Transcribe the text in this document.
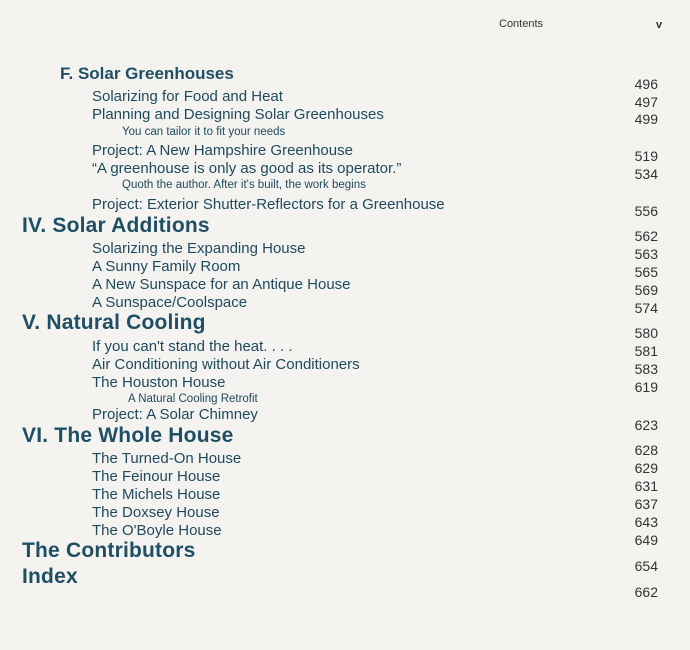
Contents	v
F. Solar Greenhouses
Solarizing for Food and Heat
Planning and Designing Solar Greenhouses
You can tailor it to fit your needs
Project: A New Hampshire Greenhouse
“A greenhouse is only as good as its operator.”
Quoth the author. After it's built, the work begins
Project: Exterior Shutter-Reflectors for a Greenhouse
IV. Solar Additions
Solarizing the Expanding House
A Sunny Family Room
A New Sunspace for an Antique House
A Sunspace/Coolspace
V. Natural Cooling
If you can't stand the heat. . . .
Air Conditioning without Air Conditioners
The Houston House
A Natural Cooling Retrofit
Project: A Solar Chimney
VI. The Whole House
The Turned-On House
The Feinour House
The Michels House
The Doxsey House
The O'Boyle House
The Contributors
Index
496
497
499
519
534
556
562
563
565
569
574
580
581
583
619
623
628
629
631
637
643
649
654
662
